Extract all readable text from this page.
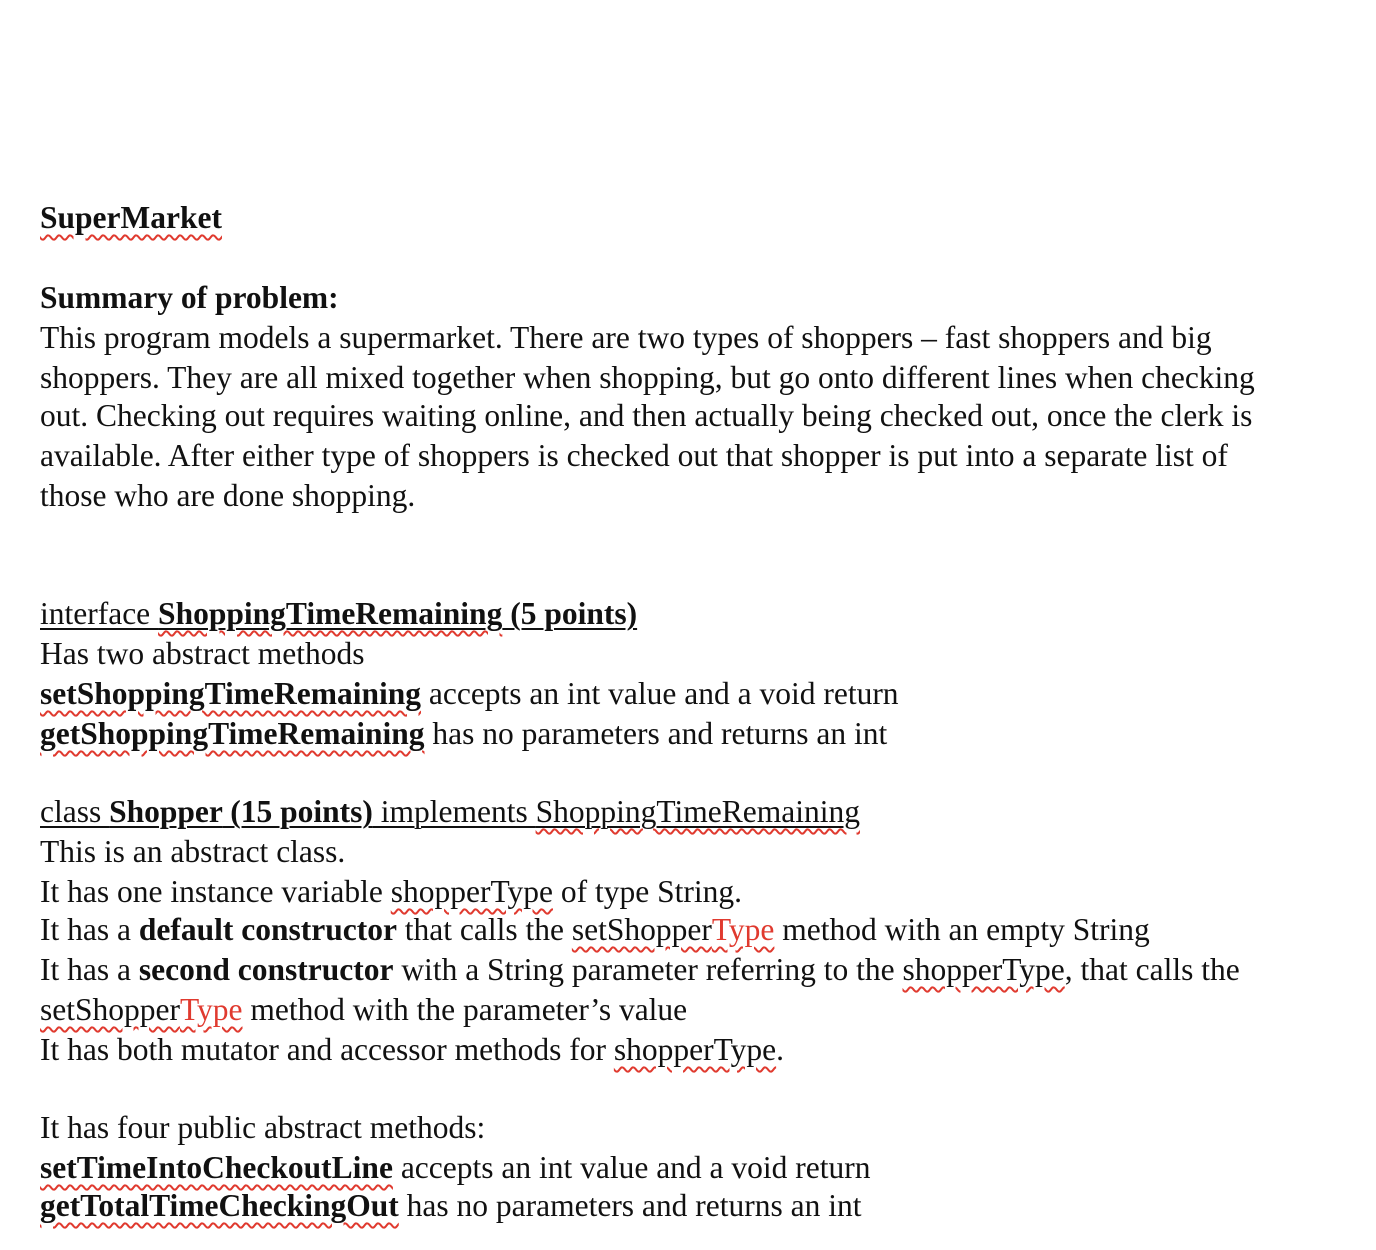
SuperMarket
Summary of problem:
This program models a supermarket. There are two types of shoppers – fast shoppers and big
shoppers. They are all mixed together when shopping, but go onto different lines when checking
out. Checking out requires waiting online, and then actually being checked out, once the clerk is
available. After either type of shoppers is checked out that shopper is put into a separate list of
those who are done shopping.
interface ShoppingTimeRemaining (5 points)
Has two abstract methods
setShoppingTimeRemaining accepts an int value and a void return
getShoppingTimeRemaining has no parameters and returns an int
class Shopper (15 points) implements ShoppingTimeRemaining
This is an abstract class.
It has one instance variable shopperType of type String.
It has a default constructor that calls the setShopperType method with an empty String
It has a second constructor with a String parameter referring to the shopperType, that calls the
setShopperType method with the parameter’s value
It has both mutator and accessor methods for shopperType.
It has four public abstract methods:
setTimeIntoCheckoutLine accepts an int value and a void return
getTotalTimeCheckingOut has no parameters and returns an int
